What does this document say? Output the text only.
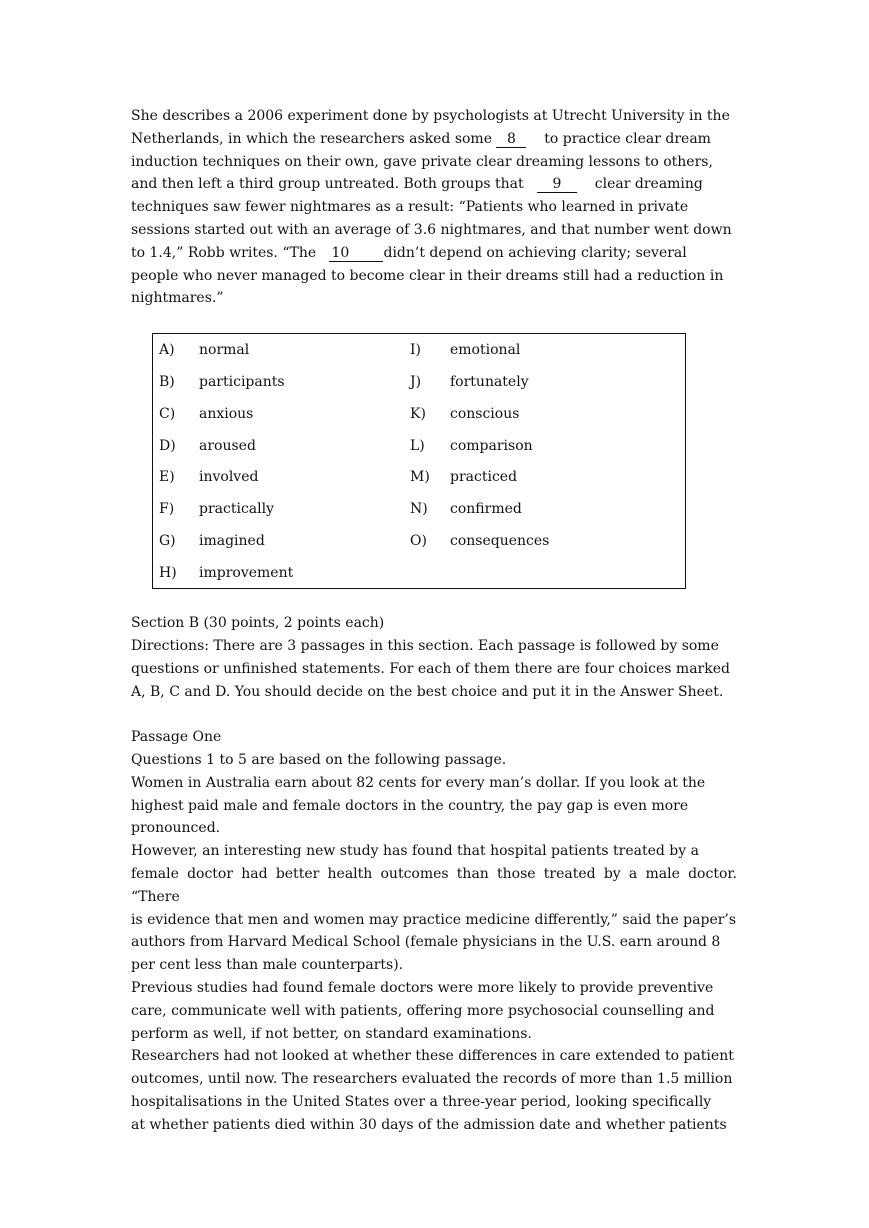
She describes a 2006 experiment done by psychologists at Utrecht University in the
Netherlands, in which the researchers asked some 8 to practice clear dream
induction techniques on their own, gave private clear dreaming lessons to others,
and then left a third group untreated. Both groups that 9 clear dreaming
techniques saw fewer nightmares as a result: “Patients who learned in private
sessions started out with an average of 3.6 nightmares, and that number went down
to 1.4,” Robb writes. “The 10 didn’t depend on achieving clarity; several
people who never managed to become clear in their dreams still had a reduction in
nightmares.”
A) normal
B) participants
C) anxious
D) aroused
E) involved
F) practically
G) imagined
H) improvement
I) emotional
J) fortunately
K) conscious
L) comparison
M) practiced
N) confirmed
O) consequences
Section B (30 points, 2 points each)
Directions: There are 3 passages in this section. Each passage is followed by some
questions or unfinished statements. For each of them there are four choices marked
A, B, C and D. You should decide on the best choice and put it in the Answer Sheet.
Passage One
Questions 1 to 5 are based on the following passage.
Women in Australia earn about 82 cents for every man’s dollar. If you look at the
highest paid male and female doctors in the country, the pay gap is even more
pronounced.
However, an interesting new study has found that hospital patients treated by a
female doctor had better health outcomes than those treated by a male doctor. “There
is evidence that men and women may practice medicine differently,” said the paper’s
authors from Harvard Medical School (female physicians in the U.S. earn around 8
per cent less than male counterparts).
Previous studies had found female doctors were more likely to provide preventive
care, communicate well with patients, offering more psychosocial counselling and
perform as well, if not better, on standard examinations.
Researchers had not looked at whether these differences in care extended to patient
outcomes, until now. The researchers evaluated the records of more than 1.5 million
hospitalisations in the United States over a three-year period, looking specifically
at whether patients died within 30 days of the admission date and whether patients
